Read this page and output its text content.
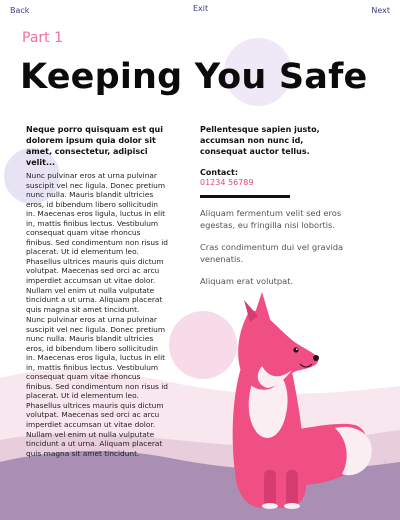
Back	Exit	Next
Part 1
Keeping You Safe
Neque porro quisquam est qui dolorem ipsum quia dolor sit amet, consectetur, adipisci velit...
Nunc pulvinar eros at urna pulvinar suscipit vel nec ligula. Donec pretium nunc nulla. Mauris blandit ultricies eros, id bibendum libero sollicitudin in. Maecenas eros ligula, luctus in elit in, mattis finibus lectus. Vestibulum consequat quam vitae rhoncus finibus. Sed condimentum non risus id placerat. Ut id elementum leo. Phasellus ultrices mauris quis dictum volutpat. Maecenas sed orci ac arcu imperdiet accumsan ut vitae dolor. Nullam vel enim ut nulla vulputate tincidunt a ut urna. Aliquam placerat quis magna sit amet tincidunt.
Nunc pulvinar eros at urna pulvinar suscipit vel nec ligula. Donec pretium nunc nulla. Mauris blandit ultricies eros, id bibendum libero sollicitudin in. Maecenas eros ligula, luctus in elit in, mattis finibus lectus. Vestibulum consequat quam vitae rhoncus finibus. Sed condimentum non risus id placerat. Ut id elementum leo. Phasellus ultrices mauris quis dictum volutpat. Maecenas sed orci ac arcu imperdiet accumsan ut vitae dolor. Nullam vel enim ut nulla vulputate tincidunt a ut urna. Aliquam placerat quis magna sit amet tincidunt.
Pellentesque sapien justo, accumsan non nunc id, consequat auctor tellus.
Contact:
01234 56789

Aliquam fermentum velit sed eros egestas, eu fringilla nisi lobortis.

Cras condimentum dui vel gravida venenatis.

Aliquam erat volutpat.
